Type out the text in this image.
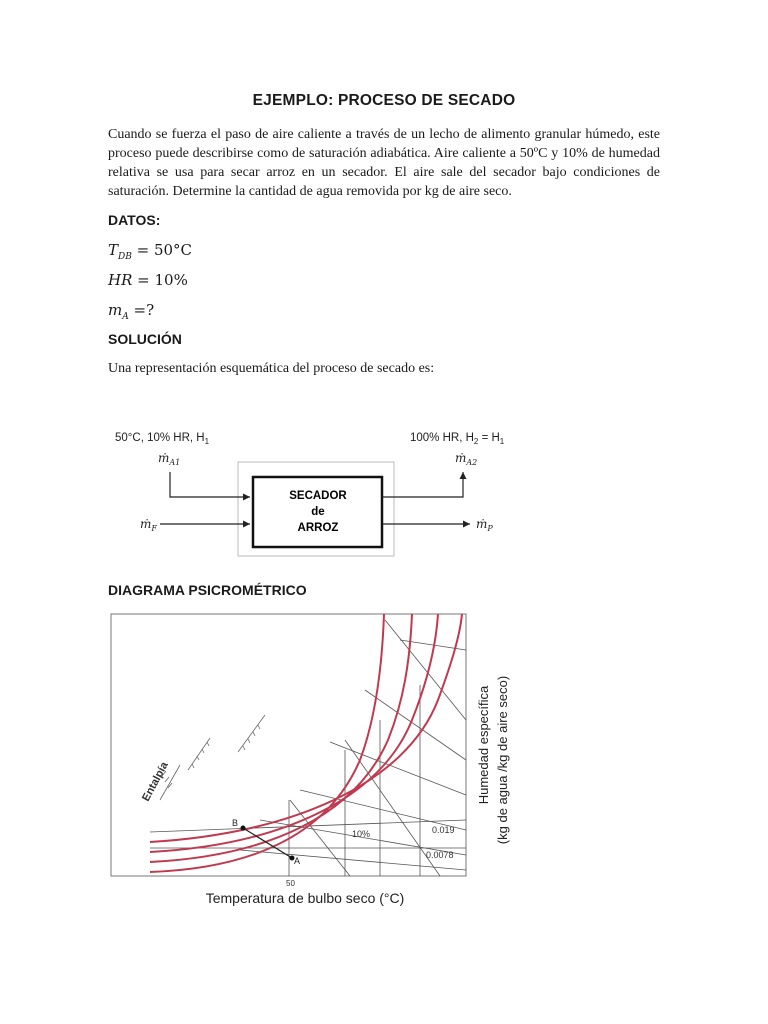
EJEMPLO: PROCESO DE SECADO
Cuando se fuerza el paso de aire caliente a través de un lecho de alimento granular húmedo, este proceso puede describirse como de saturación adiabática. Aire caliente a 50ºC y 10% de humedad relativa se usa para secar arroz en un secador. El aire sale del secador bajo condiciones de saturación. Determine la cantidad de agua removida por kg de aire seco.
DATOS:
$T_{DB} = 50^\circ C$
HR = 10%
$m_A$ =?
SOLUCIÓN
Una representación esquemática del proceso de secado es:
50°C, 10% HR, $H_1$	100% HR, $H_2 = H_1$
ṁ$_{A1}$	ṁ$_{A2}$
ṁ$_F$	ṁ$_P$
SECADOR
de
ARROZ
DIAGRAMA PSICROMÉTRICO
Entalpía
A
B
10%	0.019
0.0078
50
Temperatura de bulbo seco (°C)
Humedad específica (kg de agua /kg de aire seco)
